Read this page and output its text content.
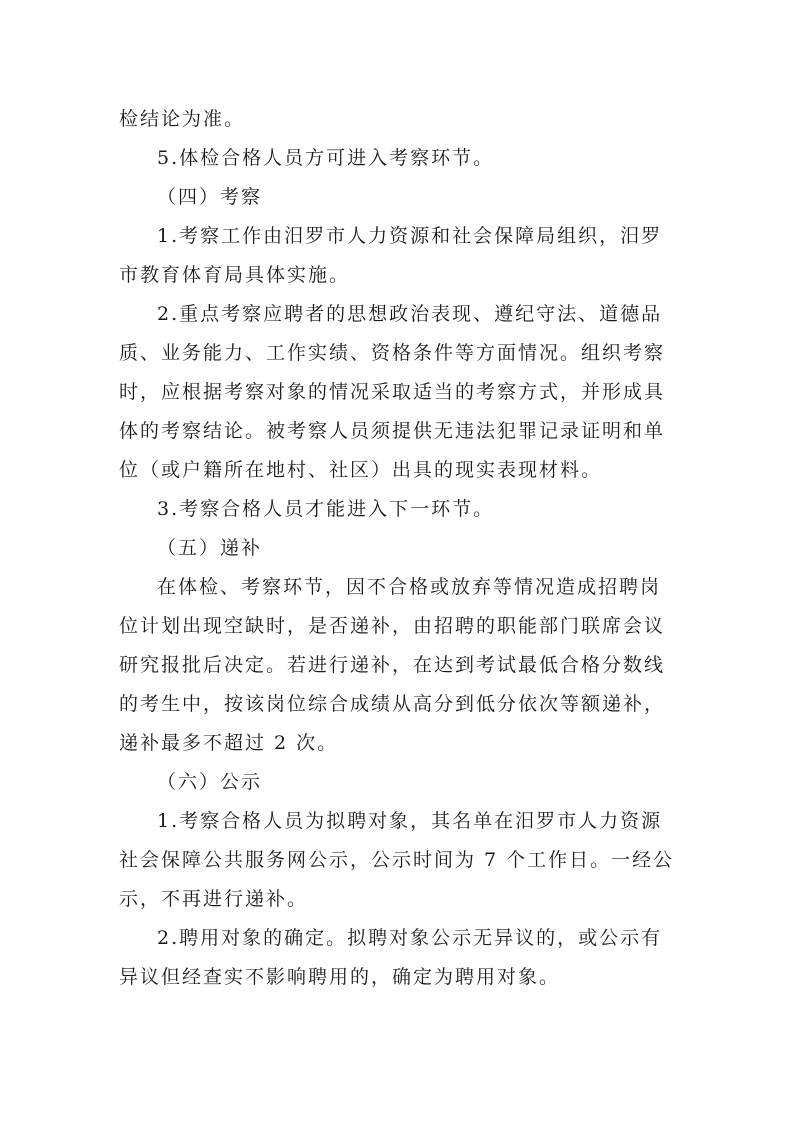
检结论为准。

5.体检合格人员方可进入考察环节。

（四）考察

1.考察工作由汨罗市人力资源和社会保障局组织，汨罗
市教育体育局具体实施。

2.重点考察应聘者的思想政治表现、遵纪守法、道德品
质、业务能力、工作实绩、资格条件等方面情况。组织考察
时，应根据考察对象的情况采取适当的考察方式，并形成具
体的考察结论。被考察人员须提供无违法犯罪记录证明和单
位（或户籍所在地村、社区）出具的现实表现材料。

3.考察合格人员才能进入下一环节。

（五）递补

在体检、考察环节，因不合格或放弃等情况造成招聘岗
位计划出现空缺时，是否递补，由招聘的职能部门联席会议
研究报批后决定。若进行递补，在达到考试最低合格分数线
的考生中，按该岗位综合成绩从高分到低分依次等额递补，
递补最多不超过 2 次。

（六）公示

1.考察合格人员为拟聘对象，其名单在汨罗市人力资源
社会保障公共服务网公示，公示时间为 7 个工作日。一经公
示，不再进行递补。

2.聘用对象的确定。拟聘对象公示无异议的，或公示有
异议但经查实不影响聘用的，确定为聘用对象。
